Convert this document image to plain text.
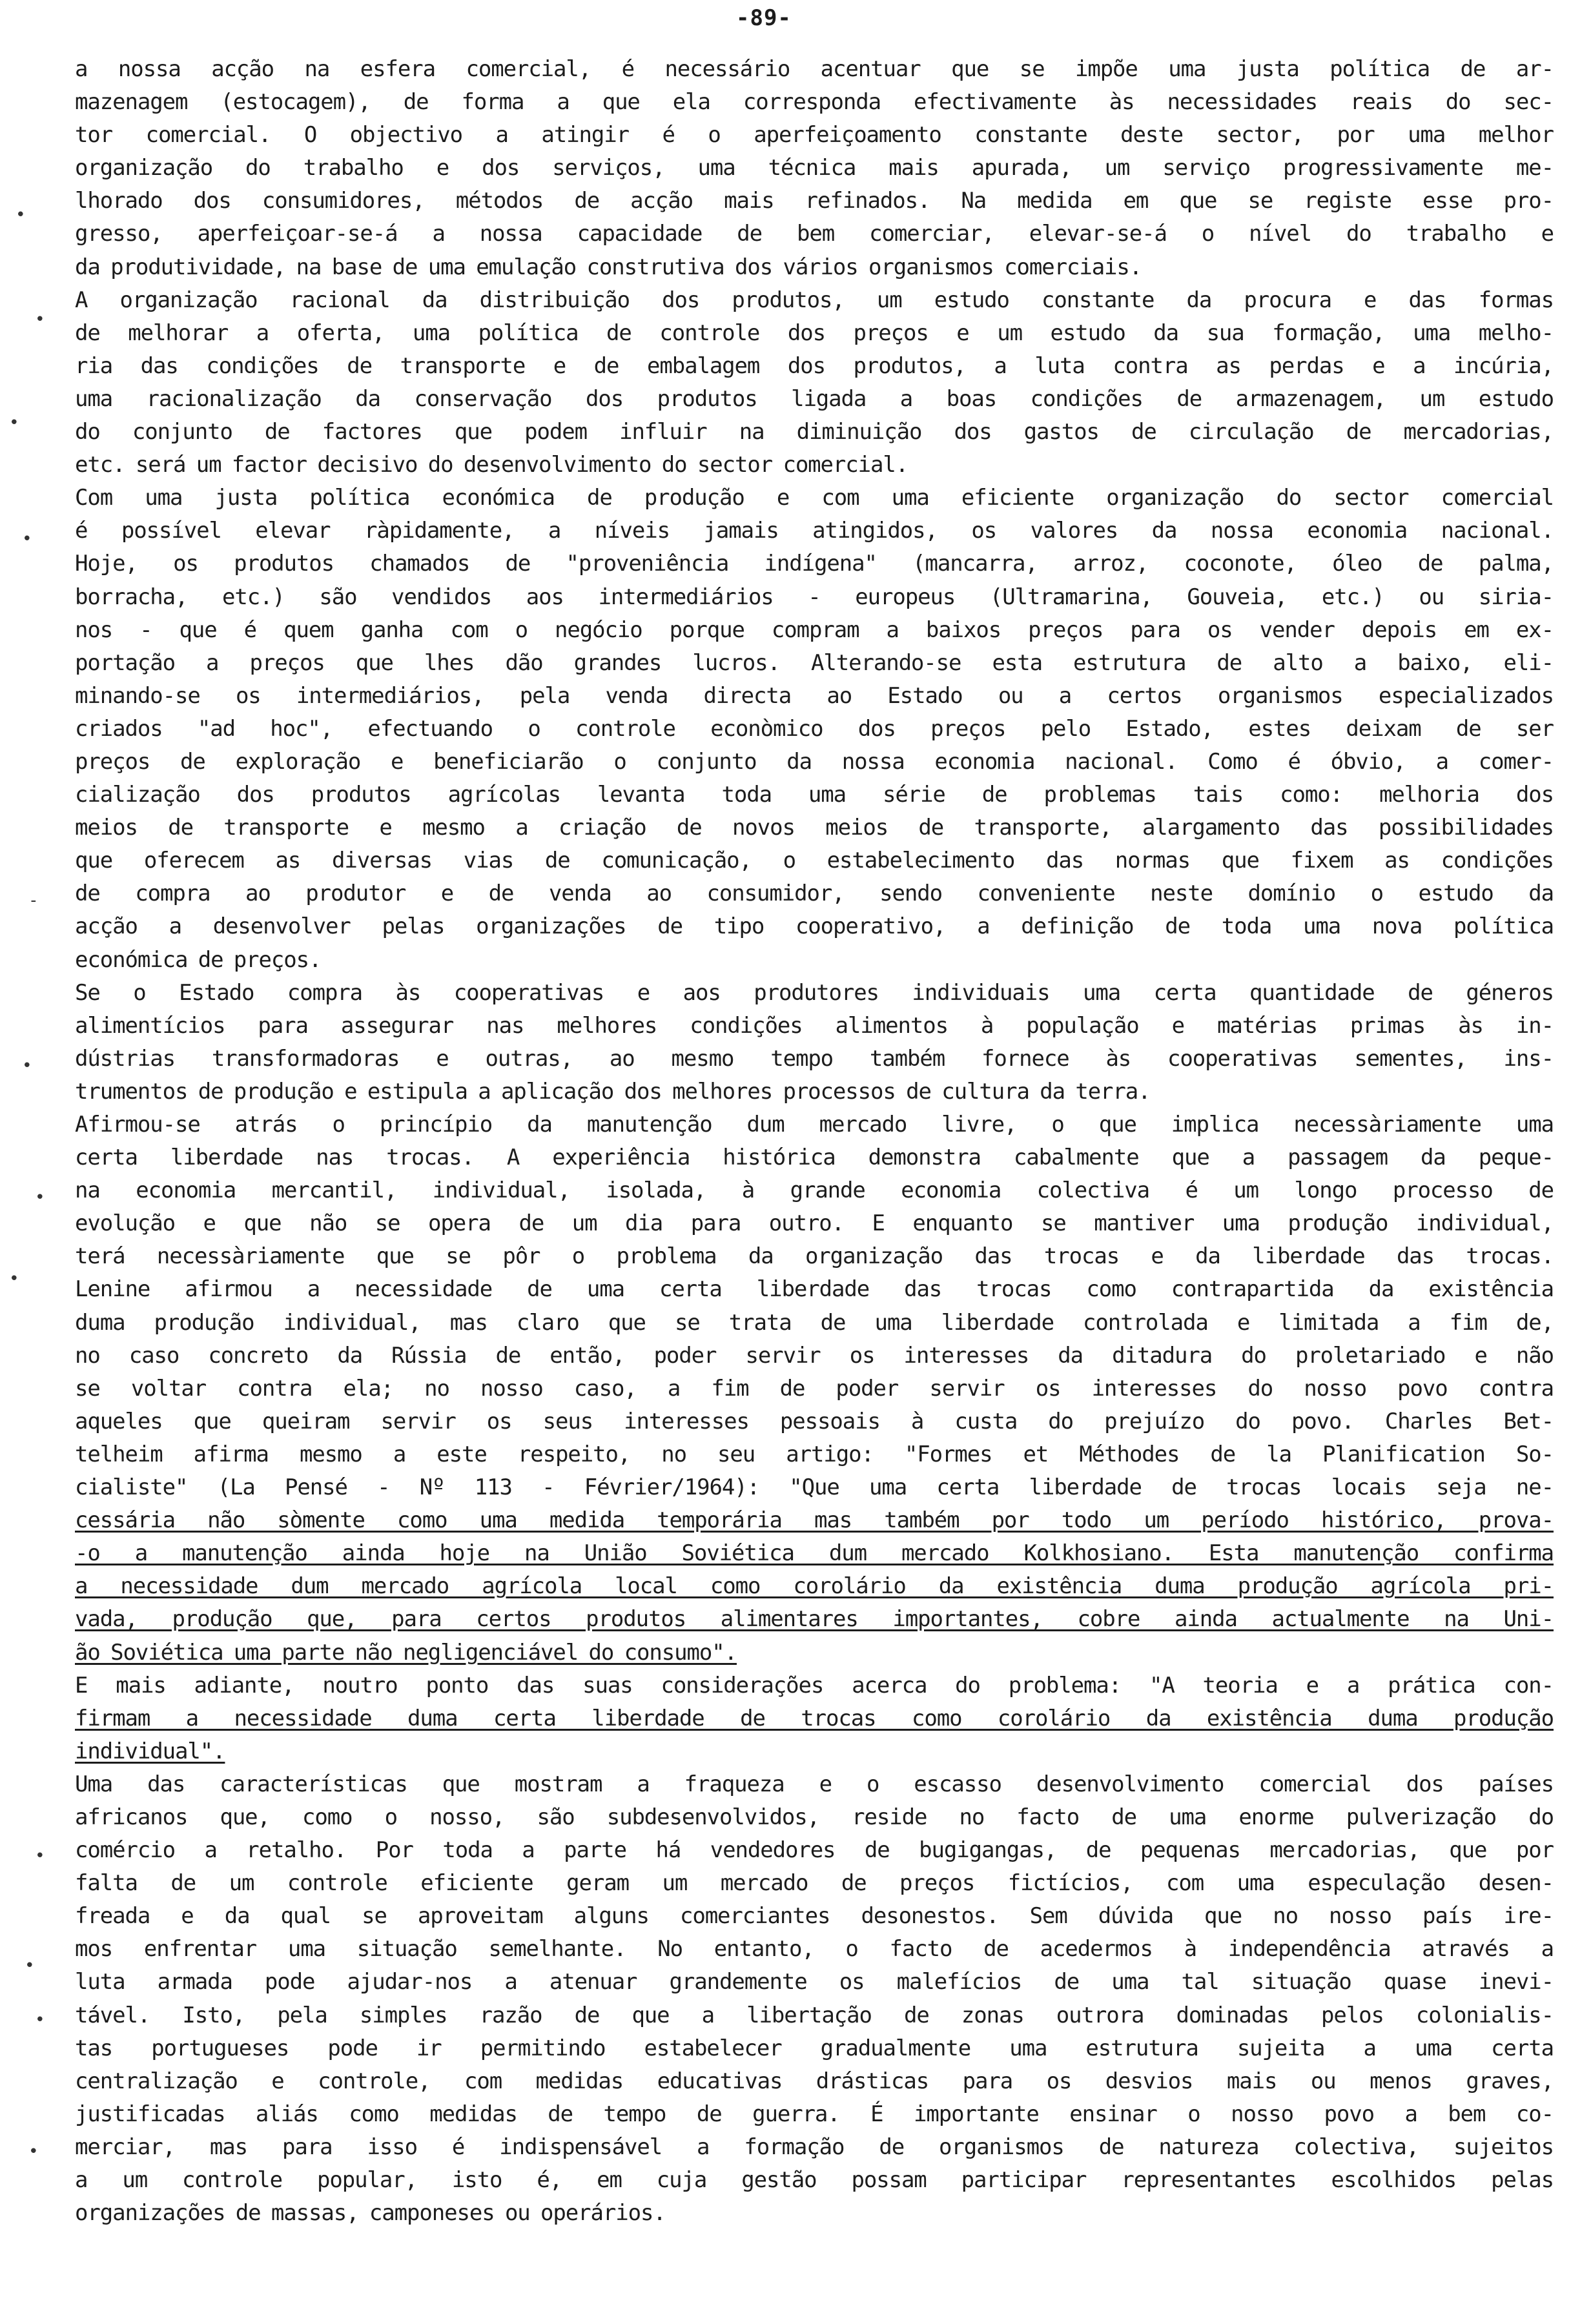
-89-
a nossa acção na esfera comercial, é necessário acentuar que se impõe uma justa política de ar-
mazenagem (estocagem), de forma a que ela corresponda efectivamente às necessidades reais do sec-
tor comercial. O objectivo a atingir é o aperfeiçoamento constante deste sector, por uma melhor
organização do trabalho e dos serviços, uma técnica mais apurada, um serviço progressivamente me-
lhorado dos consumidores, métodos de acção mais refinados. Na medida em que se registe esse pro-
gresso, aperfeiçoar-se-á a nossa capacidade de bem comerciar, elevar-se-á o nível do trabalho e
da produtividade, na base de uma emulação construtiva dos vários organismos comerciais.
A organização racional da distribuição dos produtos, um estudo constante da procura e das formas
de melhorar a oferta, uma política de controle dos preços e um estudo da sua formação, uma melho-
ria das condições de transporte e de embalagem dos produtos, a luta contra as perdas e a incúria,
uma racionalização da conservação dos produtos ligada a boas condições de armazenagem, um estudo
do conjunto de factores que podem influir na diminuição dos gastos de circulação de mercadorias,
etc. será um factor decisivo do desenvolvimento do sector comercial.
Com uma justa política económica de produção e com uma eficiente organização do sector comercial
é possível elevar ràpidamente, a níveis jamais atingidos, os valores da nossa economia nacional.
Hoje, os produtos chamados de "proveniência indígena" (mancarra, arroz, coconote, óleo de palma,
borracha, etc.) são vendidos aos intermediários - europeus (Ultramarina, Gouveia, etc.) ou siria-
nos - que é quem ganha com o negócio porque compram a baixos preços para os vender depois em ex-
portação a preços que lhes dão grandes lucros. Alterando-se esta estrutura de alto a baixo, eli-
minando-se os intermediários, pela venda directa ao Estado ou a certos organismos especializados
criados "ad hoc", efectuando o controle econòmico dos preços pelo Estado, estes deixam de ser
preços de exploração e beneficiarão o conjunto da nossa economia nacional. Como é óbvio, a comer-
cialização dos produtos agrícolas levanta toda uma série de problemas tais como: melhoria dos
meios de transporte e mesmo a criação de novos meios de transporte, alargamento das possibilidades
que oferecem as diversas vias de comunicação, o estabelecimento das normas que fixem as condições
de compra ao produtor e de venda ao consumidor, sendo conveniente neste domínio o estudo da
acção a desenvolver pelas organizações de tipo cooperativo, a definição de toda uma nova política
económica de preços.
Se o Estado compra às cooperativas e aos produtores individuais uma certa quantidade de géneros
alimentícios para assegurar nas melhores condições alimentos à população e matérias primas às in-
dústrias transformadoras e outras, ao mesmo tempo também fornece às cooperativas sementes, ins-
trumentos de produção e estipula a aplicação dos melhores processos de cultura da terra.
Afirmou-se atrás o princípio da manutenção dum mercado livre, o que implica necessàriamente uma
certa liberdade nas trocas. A experiência histórica demonstra cabalmente que a passagem da peque-
na economia mercantil, individual, isolada, à grande economia colectiva é um longo processo de
evolução e que não se opera de um dia para outro. E enquanto se mantiver uma produção individual,
terá necessàriamente que se pôr o problema da organização das trocas e da liberdade das trocas.
Lenine afirmou a necessidade de uma certa liberdade das trocas como contrapartida da existência
duma produção individual, mas claro que se trata de uma liberdade controlada e limitada a fim de,
no caso concreto da Rússia de então, poder servir os interesses da ditadura do proletariado e não
se voltar contra ela; no nosso caso, a fim de poder servir os interesses do nosso povo contra
aqueles que queiram servir os seus interesses pessoais à custa do prejuízo do povo. Charles Bet-
telheim afirma mesmo a este respeito, no seu artigo: "Formes et Méthodes de la Planification So-
cialiste" (La Pensé - Nº 113 - Février/1964): "Que uma certa liberdade de trocas locais seja ne-
cessária não sòmente como uma medida temporária mas também por todo um período histórico, prova-
-o a manutenção ainda hoje na União Soviética dum mercado Kolkhosiano. Esta manutenção confirma
a necessidade dum mercado agrícola local como corolário da existência duma produção agrícola pri-
vada, produção que, para certos produtos alimentares importantes, cobre ainda actualmente na Uni-
ão Soviética uma parte não negligenciável do consumo".
E mais adiante, noutro ponto das suas considerações acerca do problema: "A teoria e a prática con-
firmam a necessidade duma certa liberdade de trocas como corolário da existência duma produção
individual".
Uma das características que mostram a fraqueza e o escasso desenvolvimento comercial dos países
africanos que, como o nosso, são subdesenvolvidos, reside no facto de uma enorme pulverização do
comércio a retalho. Por toda a parte há vendedores de bugigangas, de pequenas mercadorias, que por
falta de um controle eficiente geram um mercado de preços fictícios, com uma especulação desen-
freada e da qual se aproveitam alguns comerciantes desonestos. Sem dúvida que no nosso país ire-
mos enfrentar uma situação semelhante. No entanto, o facto de acedermos à independência através a
luta armada pode ajudar-nos a atenuar grandemente os malefícios de uma tal situação quase inevi-
tável. Isto, pela simples razão de que a libertação de zonas outrora dominadas pelos colonialis-
tas portugueses pode ir permitindo estabelecer gradualmente uma estrutura sujeita a uma certa
centralização e controle, com medidas educativas drásticas para os desvios mais ou menos graves,
justificadas aliás como medidas de tempo de guerra. É importante ensinar o nosso povo a bem co-
merciar, mas para isso é indispensável a formação de organismos de natureza colectiva, sujeitos
a um controle popular, isto é, em cuja gestão possam participar representantes escolhidos pelas
organizações de massas, camponeses ou operários.
•
•
•
•
-
•
•
•
•
•
•
•
